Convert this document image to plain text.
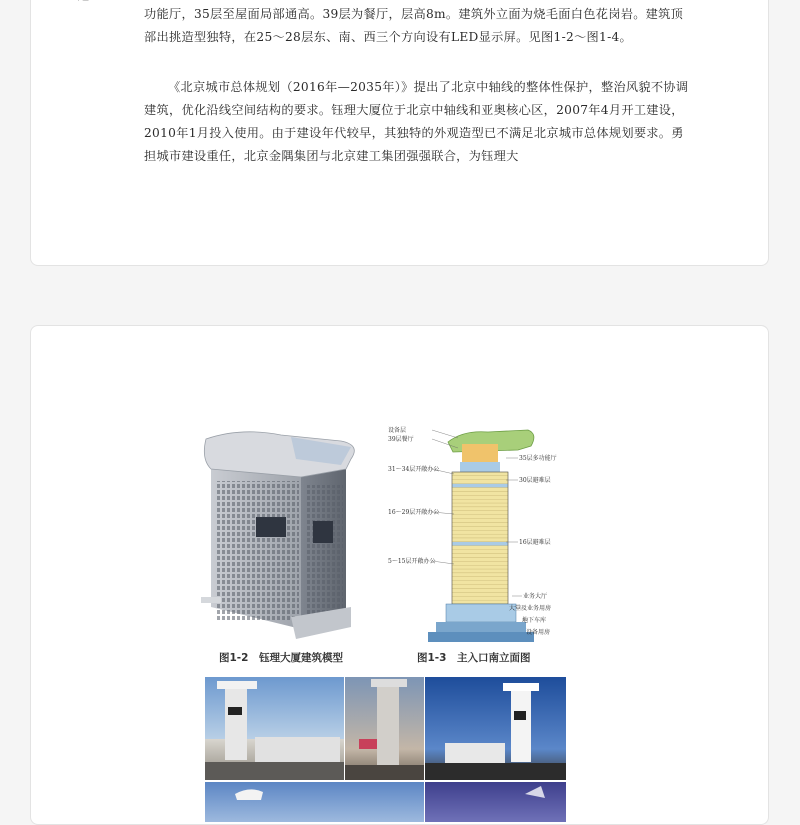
功能厅，35层至屋面局部通高。39层为餐厅，层高8m。建筑外立面为烧毛面白色花岗岩。建筑顶部出挑造型独特，在25～28层东、南、西三个方向设有LED显示屏。见图1-2～图1-4。

《北京城市总体规划（2016年—2035年）》提出了北京中轴线的整体性保护，整治风貌不协调建筑，优化沿线空间结构的要求。钰理大厦位于北京中轴线和亚奥核心区，2007年4月开工建设，2010年1月投入使用。由于建设年代较早，其独特的外观造型已不满足北京城市总体规划要求。勇担城市建设重任，北京金隅集团与北京建工集团强强联合，为钰理大

图1-2　钰理大厦建筑模型
设备层
39层餐厅
31～34层开敞办公
16～29层开敞办公
5～15层开敞办公
35层多功能厅
30层避难层
16层避难层
业务大厅
大堂及业务用房
地下车库
设备用房
图1-3　主入口南立面图
